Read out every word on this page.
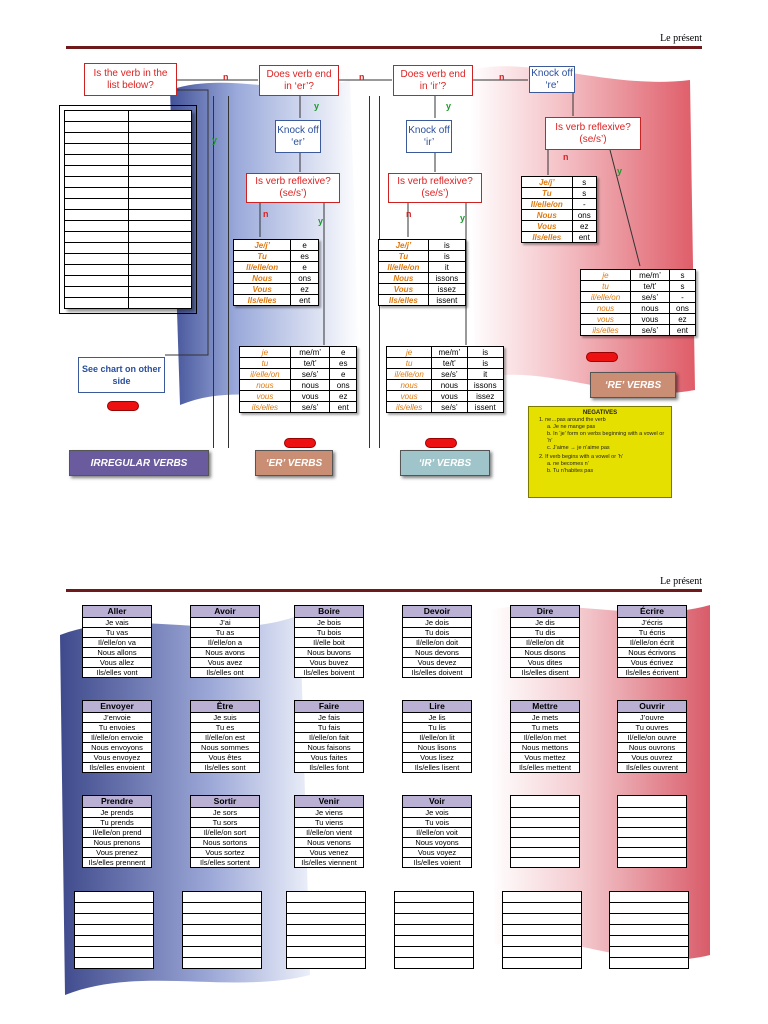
Le présent
Is the verb in the list below?
Does verb end in ‘er’?
Does verb end in ‘ir’?
Knock off ‘re’
Knock off ‘er’
Knock off ‘ir’
Is verb reflexive? (se/s’)
Is verb reflexive? (se/s’)
Is verb reflexive? (se/s’)
n	n	n
y
y	y
n
y
n	y
n
y

Je/j’	e
Tu	es
Il/elle/on	e
Nous	ons
Vous	ez
Ils/elles	ent
je	me/m’	e
tu	te/t’	es
il/elle/on	se/s’	e
nous	nous	ons
vous	vous	ez
ils/elles	se/s’	ent
Je/j’	is
Tu	is
Il/elle/on	it
Nous	issons
Vous	issez
Ils/elles	issent
je	me/m’	is
tu	te/t’	is
il/elle/on	se/s’	it
nous	nous	issons
vous	vous	issez
ils/elles	se/s’	issent
Je/j’	s
Tu	s
Il/elle/on	-
Nous	ons
Vous	ez
Ils/elles	ent
je	me/m’	s
tu	te/t’	s
il/elle/on	se/s’	-
nous	nous	ons
vous	vous	ez
ils/elles	se/s’	ent
See chart on other side
IRREGULAR VERBS	‘ER’ VERBS	‘IR’ VERBS
‘RE’ VERBS
NEGATIVES
1. ne…pas around the verb
a. Je ne mange pas
b. In ‘je’ form on verbs beginning with a vowel or ‘h’
c. J’aime → je n’aime pas
2. If verb begins with a vowel or ‘h’
a. ne becomes n’
b. Tu n’habites pas
Le présent
Aller
Je vais
Tu vas
Il/elle/on va
Nous allons
Vous allez
Ils/elles vont
Avoir
J’ai
Tu as
Il/elle/on a
Nous avons
Vous avez
Ils/elles ont
Boire
Je bois
Tu bois
Il/elle boit
Nous buvons
Vous buvez
Ils/elles boivent
Devoir
Je dois
Tu dois
Il/elle/on doit
Nous devons
Vous devez
Ils/elles doivent
Dire
Je dis
Tu dis
Il/elle/on dit
Nous disons
Vous dites
Ils/elles disent
Écrire
J’écris
Tu écris
Il/elle/on écrit
Nous écrivons
Vous écrivez
Ils/elles écrivent
Envoyer
J’envoie
Tu envoies
Il/elle/on envoie
Nous envoyons
Vous envoyez
Ils/elles envoient
Être
Je suis
Tu es
Il/elle/on est
Nous sommes
Vous êtes
Ils/elles sont
Faire
Je fais
Tu fais
Il/elle/on fait
Nous faisons
Vous faites
Ils/elles font
Lire
Je lis
Tu lis
Il/elle/on lit
Nous lisons
Vous lisez
Ils/elles lisent
Mettre
Je mets
Tu mets
Il/elle/on met
Nous mettons
Vous mettez
Ils/elles mettent
Ouvrir
J’ouvre
Tu ouvres
Il/elle/on ouvre
Nous ouvrons
Vous ouvrez
Ils/elles ouvrent
Prendre
Je prends
Tu prends
Il/elle/on prend
Nous prenons
Vous prenez
Ils/elles prennent
Sortir
Je sors
Tu sors
Il/elle/on sort
Nous sortons
Vous sortez
Ils/elles sortent
Venir
Je viens
Tu viens
Il/elle/on vient
Nous venons
Vous venez
Ils/elles viennent
Voir
Je vois
Tu vois
Il/elle/on voit
Nous voyons
Vous voyez
Ils/elles voient
